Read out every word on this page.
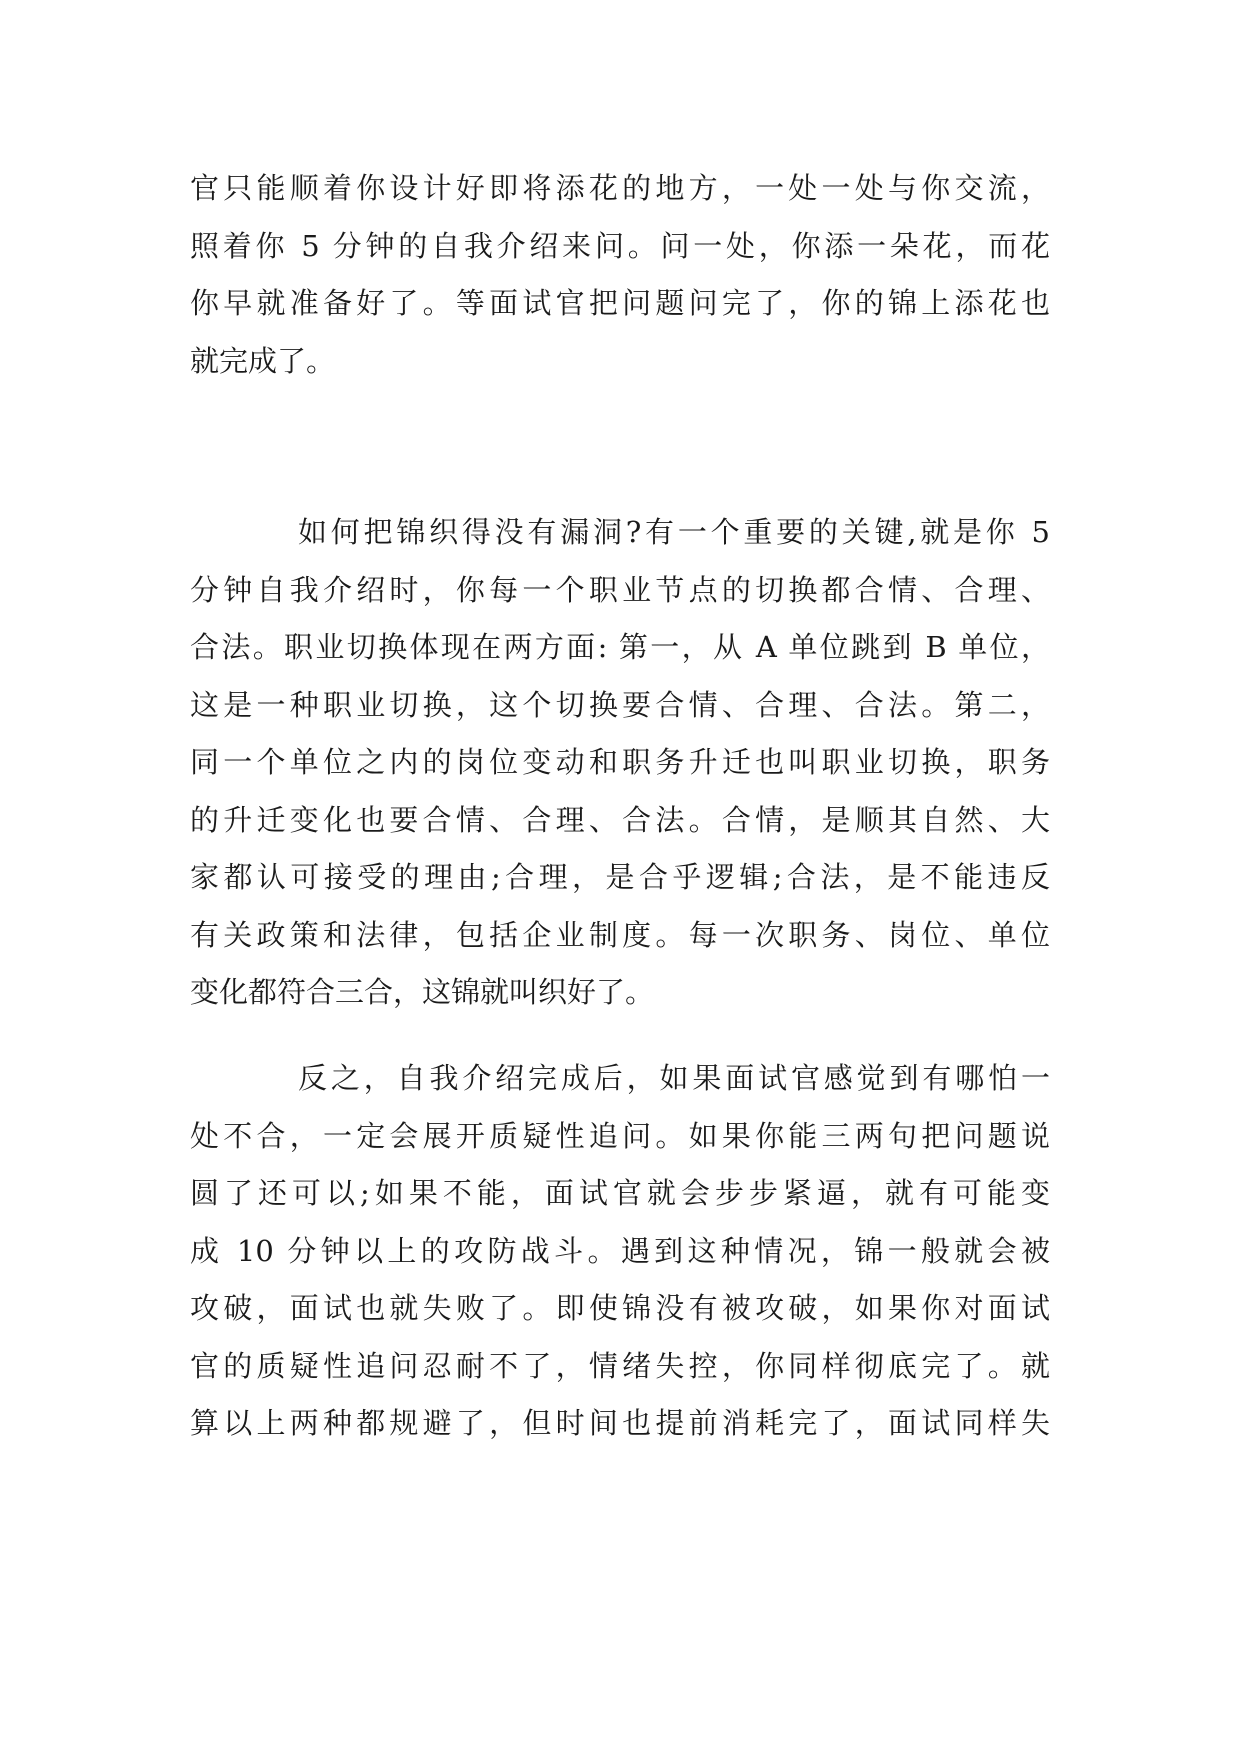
官只能顺着你设计好即将添花的地方，一处一处与你交流，
照着你 5 分钟的自我介绍来问。问一处，你添一朵花，而花
你早就准备好了。等面试官把问题问完了，你的锦上添花也
就完成了。
如何把锦织得没有漏洞?有一个重要的关键,就是你 5
分钟自我介绍时，你每一个职业节点的切换都合情、合理、
合法。职业切换体现在两方面: 第一，从 A 单位跳到 B 单位，
这是一种职业切换，这个切换要合情、合理、合法。第二，
同一个单位之内的岗位变动和职务升迁也叫职业切换，职务
的升迁变化也要合情、合理、合法。合情，是顺其自然、大
家都认可接受的理由;合理，是合乎逻辑;合法，是不能违反
有关政策和法律，包括企业制度。每一次职务、岗位、单位
变化都符合三合，这锦就叫织好了。
反之，自我介绍完成后，如果面试官感觉到有哪怕一
处不合，一定会展开质疑性追问。如果你能三两句把问题说
圆了还可以;如果不能，面试官就会步步紧逼，就有可能变
成 10 分钟以上的攻防战斗。遇到这种情况，锦一般就会被
攻破，面试也就失败了。即使锦没有被攻破，如果你对面试
官的质疑性追问忍耐不了，情绪失控，你同样彻底完了。就
算以上两种都规避了，但时间也提前消耗完了，面试同样失
